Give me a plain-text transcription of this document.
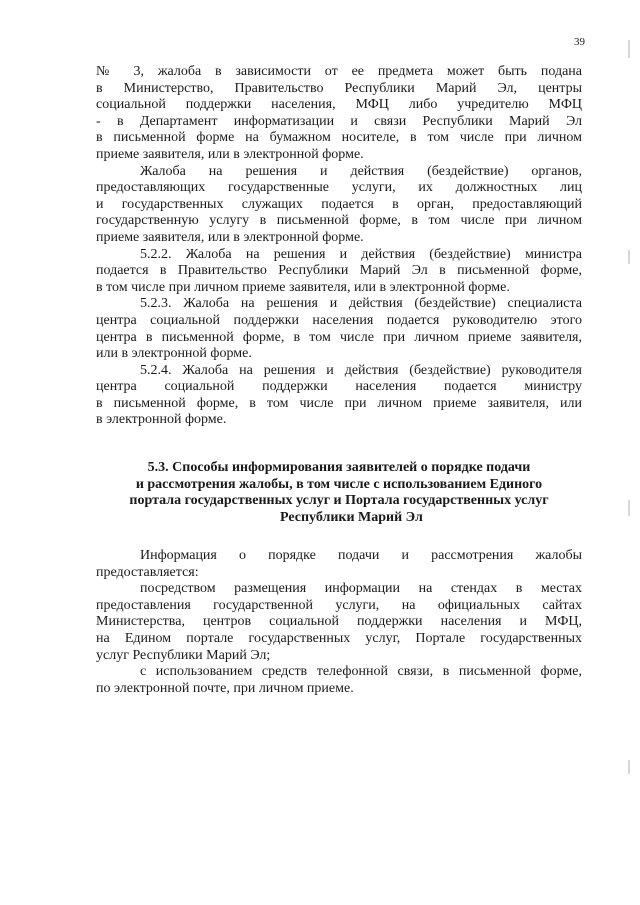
39
№ 3, жалоба в зависимости от ее предмета может быть подана
в Министерство, Правительство Республики Марий Эл, центры
социальной поддержки населения, МФЦ либо учредителю МФЦ
- в Департамент информатизации и связи Республики Марий Эл
в письменной форме на бумажном носителе, в том числе при личном
приеме заявителя, или в электронной форме.
Жалоба на решения и действия (бездействие) органов,
предоставляющих государственные услуги, их должностных лиц
и государственных служащих подается в орган, предоставляющий
государственную услугу в письменной форме, в том числе при личном
приеме заявителя, или в электронной форме.
5.2.2. Жалоба на решения и действия (бездействие) министра
подается в Правительство Республики Марий Эл в письменной форме,
в том числе при личном приеме заявителя, или в электронной форме.
5.2.3. Жалоба на решения и действия (бездействие) специалиста
центра социальной поддержки населения подается руководителю этого
центра в письменной форме, в том числе при личном приеме заявителя,
или в электронной форме.
5.2.4. Жалоба на решения и действия (бездействие) руководителя
центра социальной поддержки населения подается министру
в письменной форме, в том числе при личном приеме заявителя, или
в электронной форме.
5.3. Способы информирования заявителей о порядке подачи
и рассмотрения жалобы, в том числе с использованием Единого
портала государственных услуг и Портала государственных услуг
Республики Марий Эл
Информация о порядке подачи и рассмотрения жалобы
предоставляется:
посредством размещения информации на стендах в местах
предоставления государственной услуги, на официальных сайтах
Министерства, центров социальной поддержки населения и МФЦ,
на Едином портале государственных услуг, Портале государственных
услуг Республики Марий Эл;
с использованием средств телефонной связи, в письменной форме,
по электронной почте, при личном приеме.
